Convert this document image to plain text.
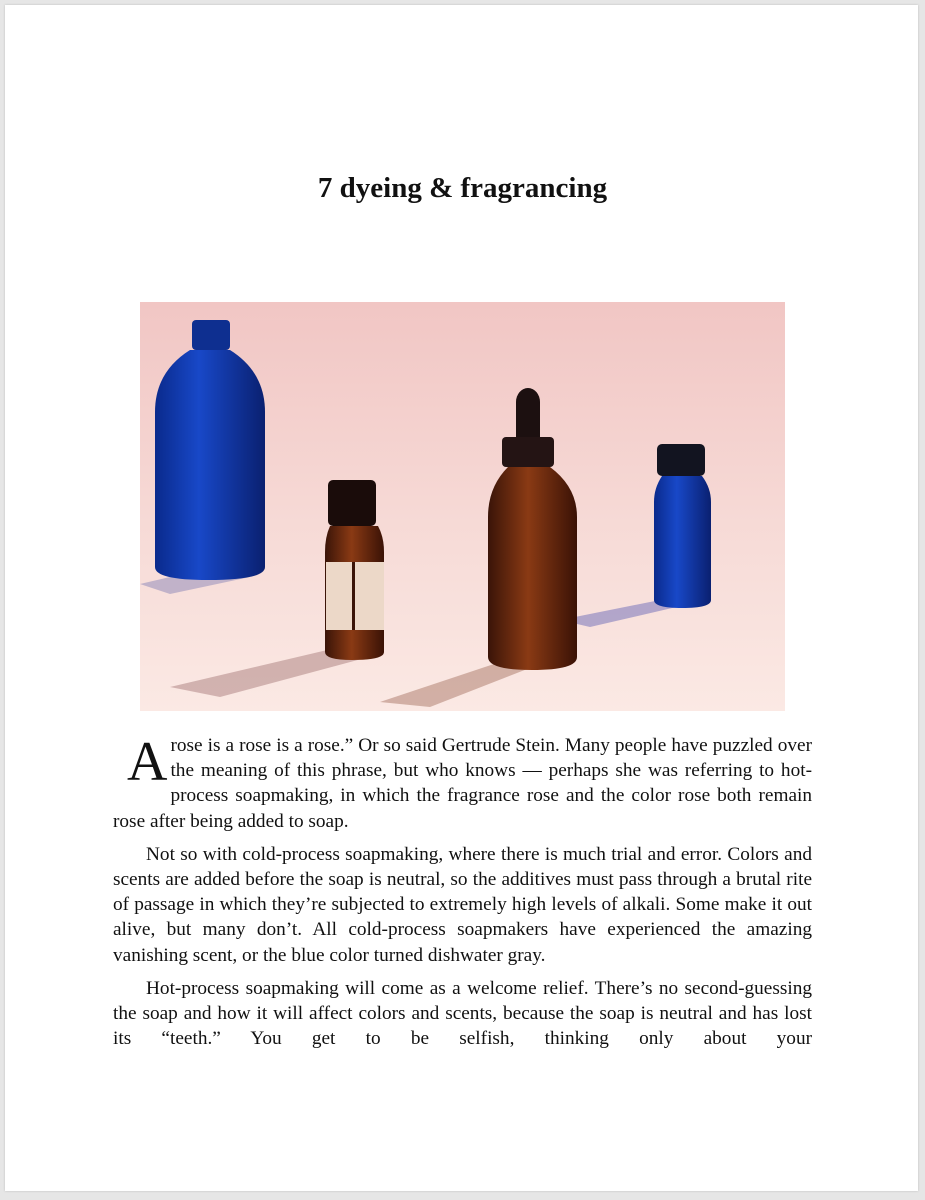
7 dyeing & fragrancing

Arose is a rose is a rose.” Or so said Gertrude Stein. Many people have puzzled over the meaning of this phrase, but who knows — perhaps she was referring to hot-process soapmaking, in which the fragrance rose and the color rose both remain rose after being added to soap.

Not so with cold-process soapmaking, where there is much trial and error. Colors and scents are added before the soap is neutral, so the additives must pass through a brutal rite of passage in which they’re subjected to extremely high levels of alkali. Some make it out alive, but many don’t. All cold-process soapmakers have experienced the amazing vanishing scent, or the blue color turned dishwater gray.

Hot-process soapmaking will come as a welcome relief. There’s no second-guessing the soap and how it will affect colors and scents, because the soap is neutral and has lost its “teeth.” You get to be selfish, thinking only about your
